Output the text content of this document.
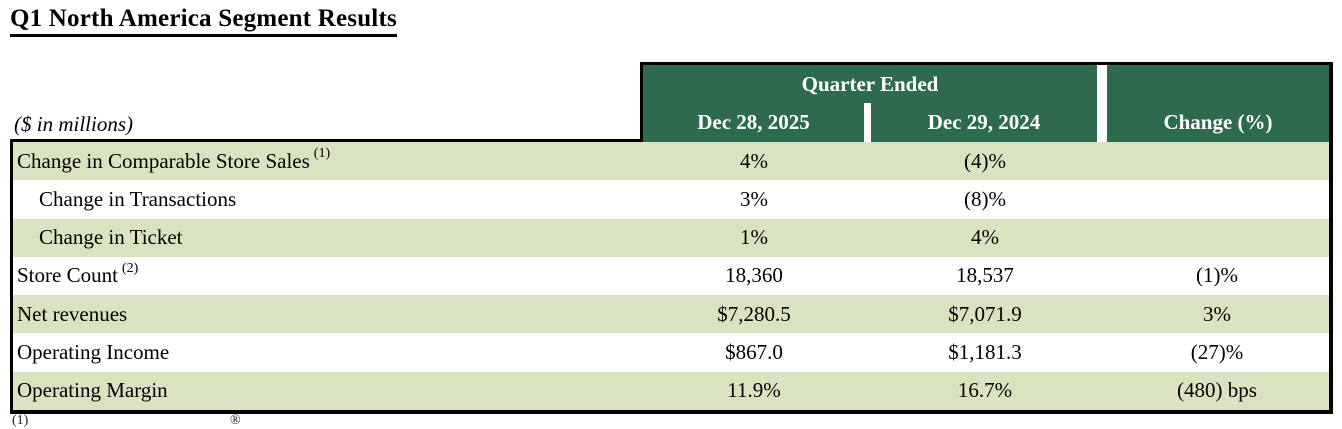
Q1 North America Segment Results
($ in millions)
Quarter Ended
Dec 28, 2025	Dec 29, 2024	Change (%)
Change in Comparable Store Sales (1)	4%	(4)%
Change in Transactions	3%	(8)%
Change in Ticket	1%	4%
Store Count (2)	18,360	18,537	(1)%
Net revenues	$7,280.5	$7,071.9	3%
Operating Income	$867.0	$1,181.3	(27)%
Operating Margin	11.9%	16.7%	(480) bps
(1)	®
